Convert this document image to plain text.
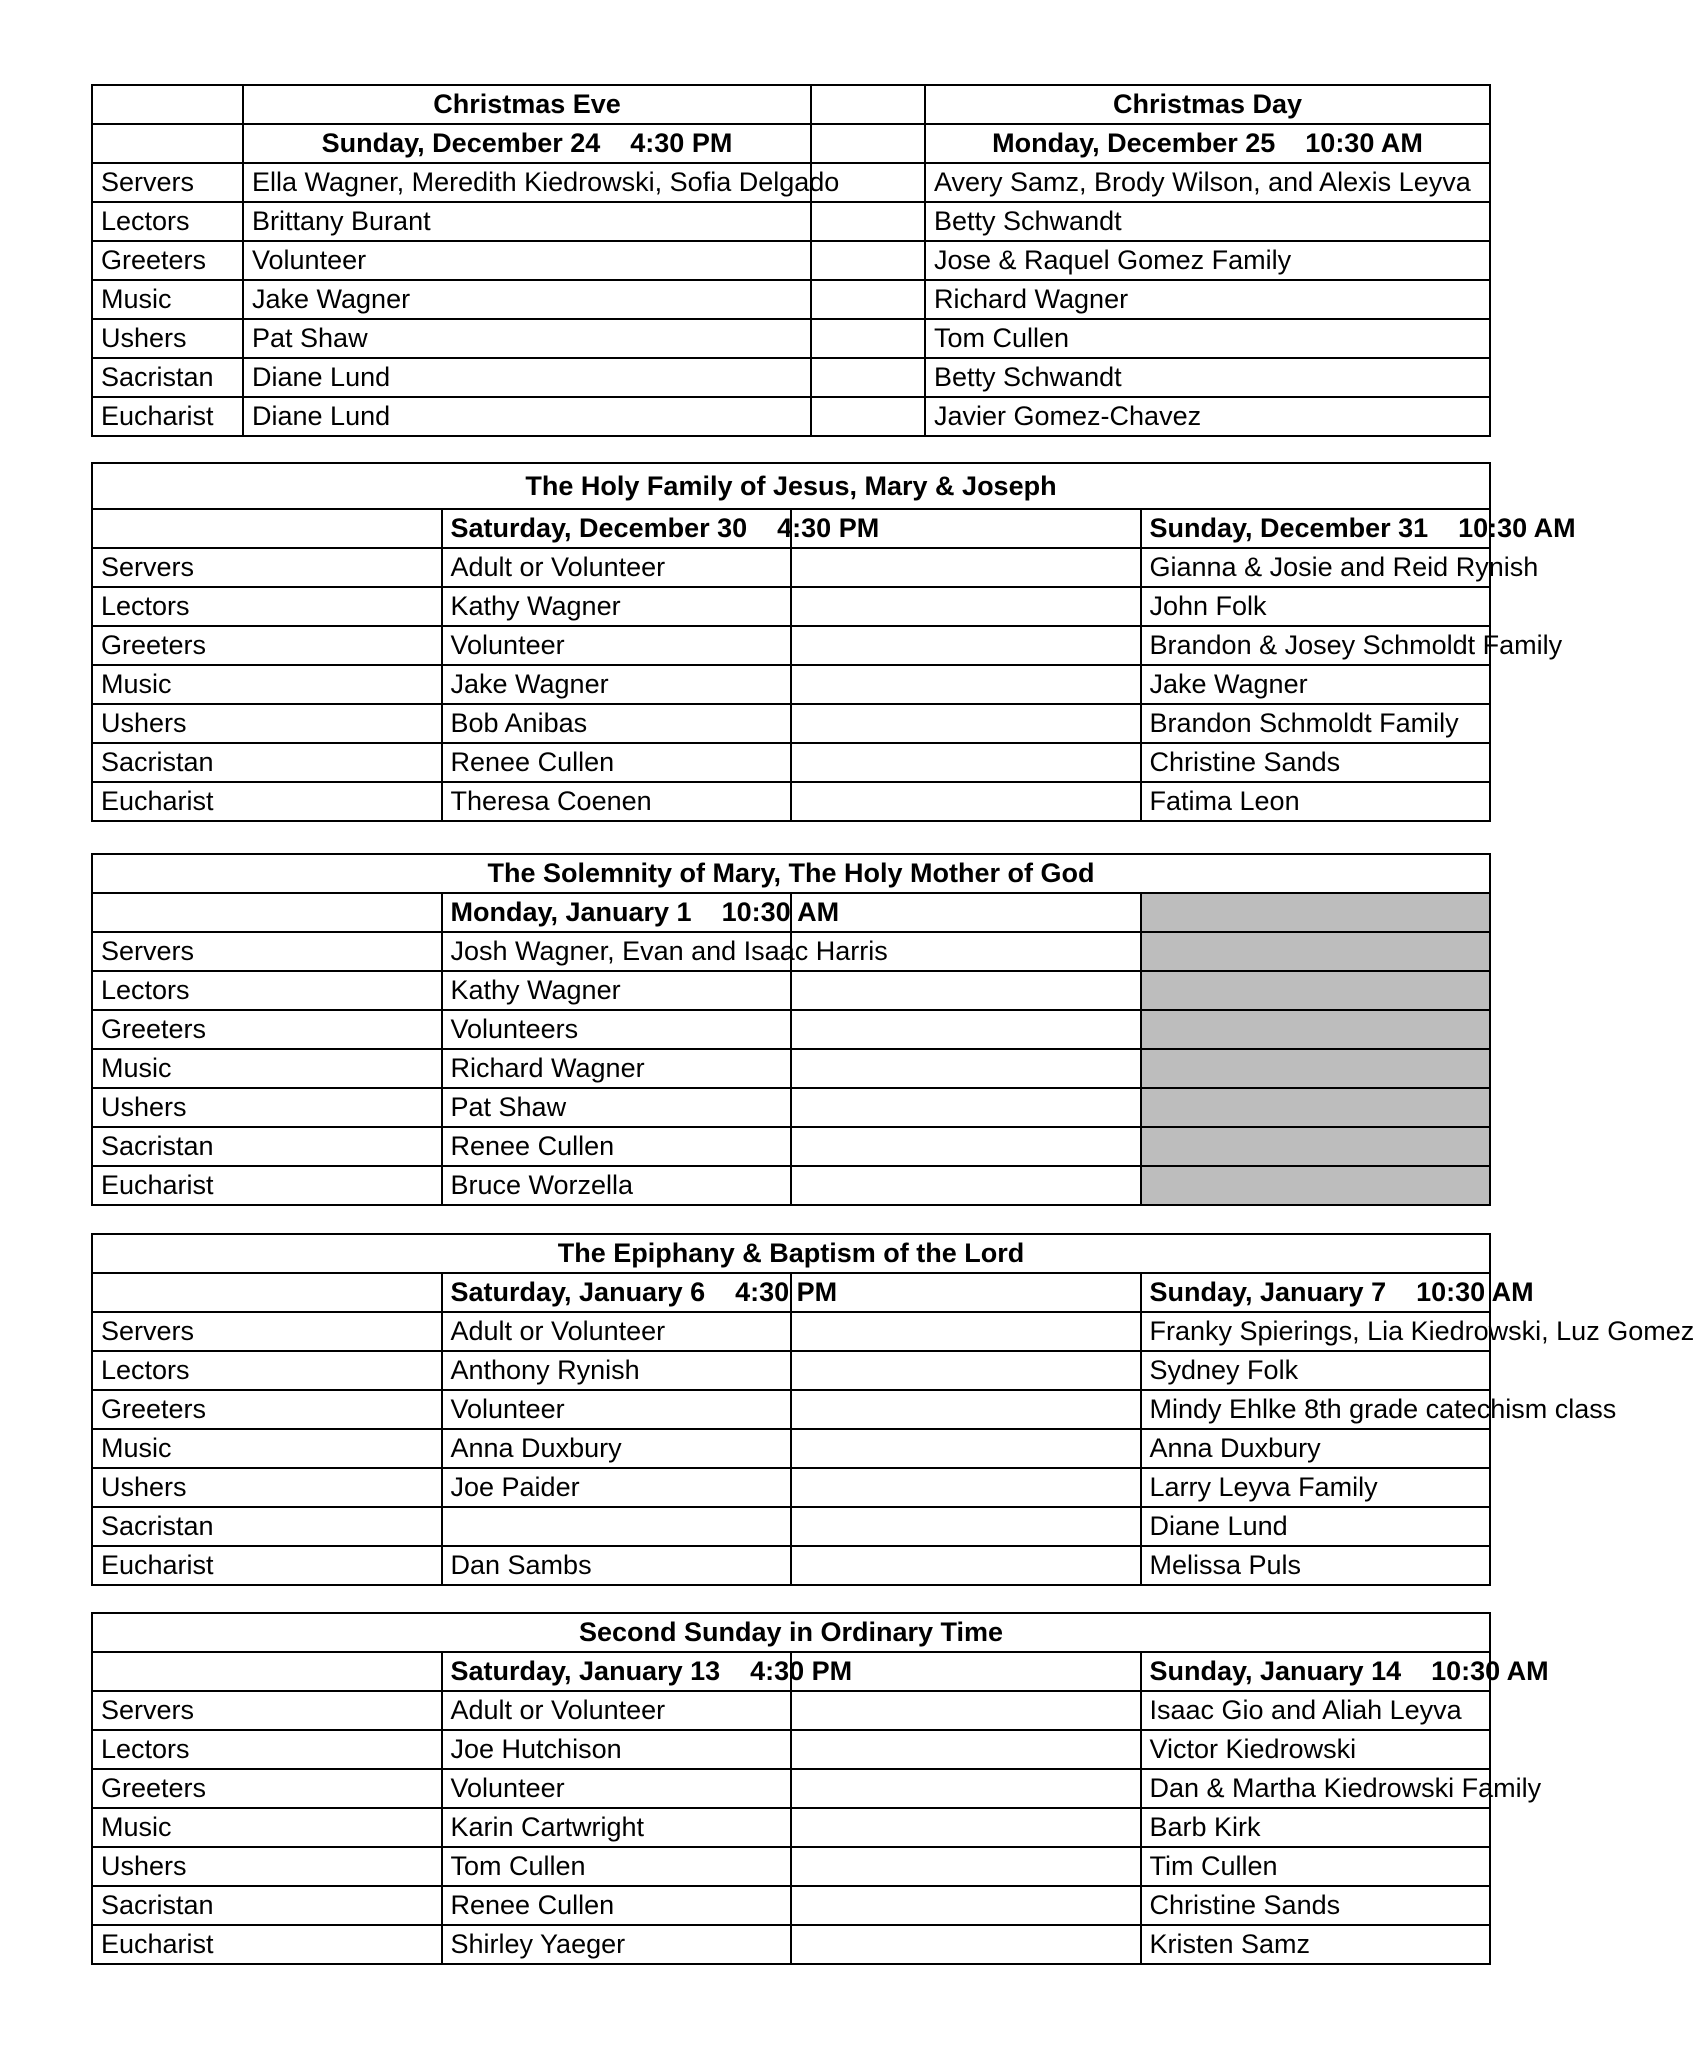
	Christmas Eve		Christmas Day
	Sunday, December 24    4:30 PM		Monday, December 25    10:30 AM
Servers	Ella Wagner, Meredith Kiedrowski, Sofia Delgado		Avery Samz, Brody Wilson, and Alexis Leyva
Lectors	Brittany Burant		Betty Schwandt
Greeters	Volunteer		Jose & Raquel Gomez Family
Music	Jake Wagner		Richard Wagner
Ushers	Pat Shaw		Tom Cullen
Sacristan	Diane Lund		Betty Schwandt
Eucharist	Diane Lund		Javier Gomez-Chavez
The Holy Family of Jesus, Mary & Joseph			
	Saturday, December 30    4:30 PM		Sunday, December 31    10:30 AM
Servers	Adult or Volunteer		Gianna & Josie and Reid Rynish
Lectors	Kathy Wagner		John Folk
Greeters	Volunteer		Brandon & Josey Schmoldt Family
Music	Jake Wagner		Jake Wagner
Ushers	Bob Anibas		Brandon Schmoldt Family
Sacristan	Renee Cullen		Christine Sands
Eucharist	Theresa Coenen		Fatima Leon
The Solemnity of Mary, The Holy Mother of God			
	Monday, January 1    10:30 AM		
Servers	Josh Wagner, Evan and Isaac Harris		
Lectors	Kathy Wagner		
Greeters	Volunteers		
Music	Richard Wagner		
Ushers	Pat Shaw		
Sacristan	Renee Cullen		
Eucharist	Bruce Worzella		
The Epiphany & Baptism of the Lord			
	Saturday, January 6    4:30 PM		Sunday, January 7    10:30 AM
Servers	Adult or Volunteer		Franky Spierings, Lia Kiedrowski, Luz Gomez
Lectors	Anthony Rynish		Sydney Folk
Greeters	Volunteer		Mindy Ehlke 8th grade catechism class
Music	Anna Duxbury		Anna Duxbury
Ushers	Joe Paider		Larry Leyva Family
Sacristan			Diane Lund
Eucharist	Dan Sambs		Melissa Puls
Second Sunday in Ordinary Time			
	Saturday, January 13    4:30 PM		Sunday, January 14    10:30 AM
Servers	Adult or Volunteer		Isaac Gio and Aliah Leyva
Lectors	Joe Hutchison		Victor Kiedrowski
Greeters	Volunteer		Dan & Martha Kiedrowski Family
Music	Karin Cartwright		Barb Kirk
Ushers	Tom Cullen		Tim Cullen
Sacristan	Renee Cullen		Christine Sands
Eucharist	Shirley Yaeger		Kristen Samz
